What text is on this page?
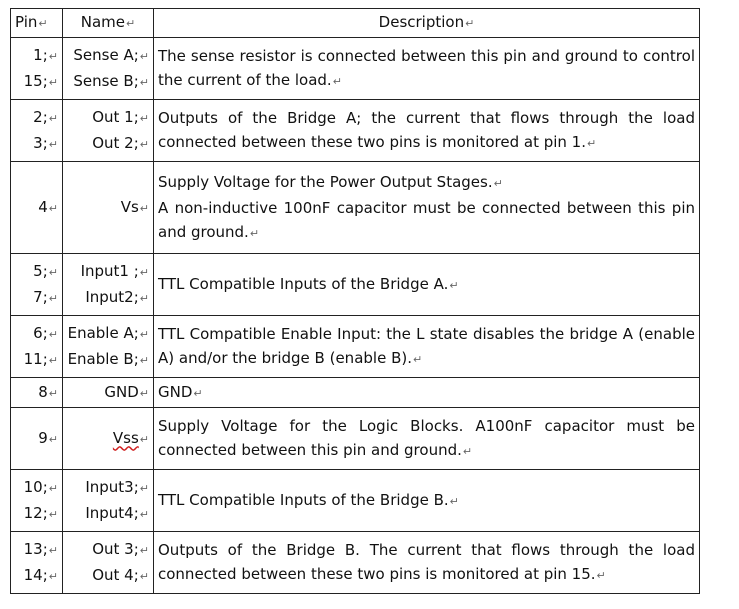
Pin↵	Name↵	Description↵

1;↵
15;↵	Sense A;↵
Sense B;↵	The sense resistor is connected between this pin and ground to control the current of the load.↵

2;↵
3;↵	Out 1;↵
Out 2;↵	Outputs of the Bridge A; the current that flows through the load connected between these two pins is monitored at pin 1.↵

4↵	Vs↵	Supply Voltage for the Power Output Stages.↵
A non-inductive 100nF capacitor must be connected between this pin and ground.↵

5;↵
7;↵	Input1 ;↵
Input2;↵	TTL Compatible Inputs of the Bridge A.↵

6;↵
11;↵	Enable A;↵
Enable B;↵	TTL Compatible Enable Input: the L state disables the bridge A (enable A) and/or the bridge B (enable B).↵

8↵	GND↵	GND↵

9↵	Vss↵	Supply Voltage for the Logic Blocks. A100nF capacitor must be connected between this pin and ground.↵

10;↵
12;↵	Input3;↵
Input4;↵	TTL Compatible Inputs of the Bridge B.↵

13;↵
14;↵	Out 3;↵
Out 4;↵	Outputs of the Bridge B. The current that flows through the load connected between these two pins is monitored at pin 15.↵
